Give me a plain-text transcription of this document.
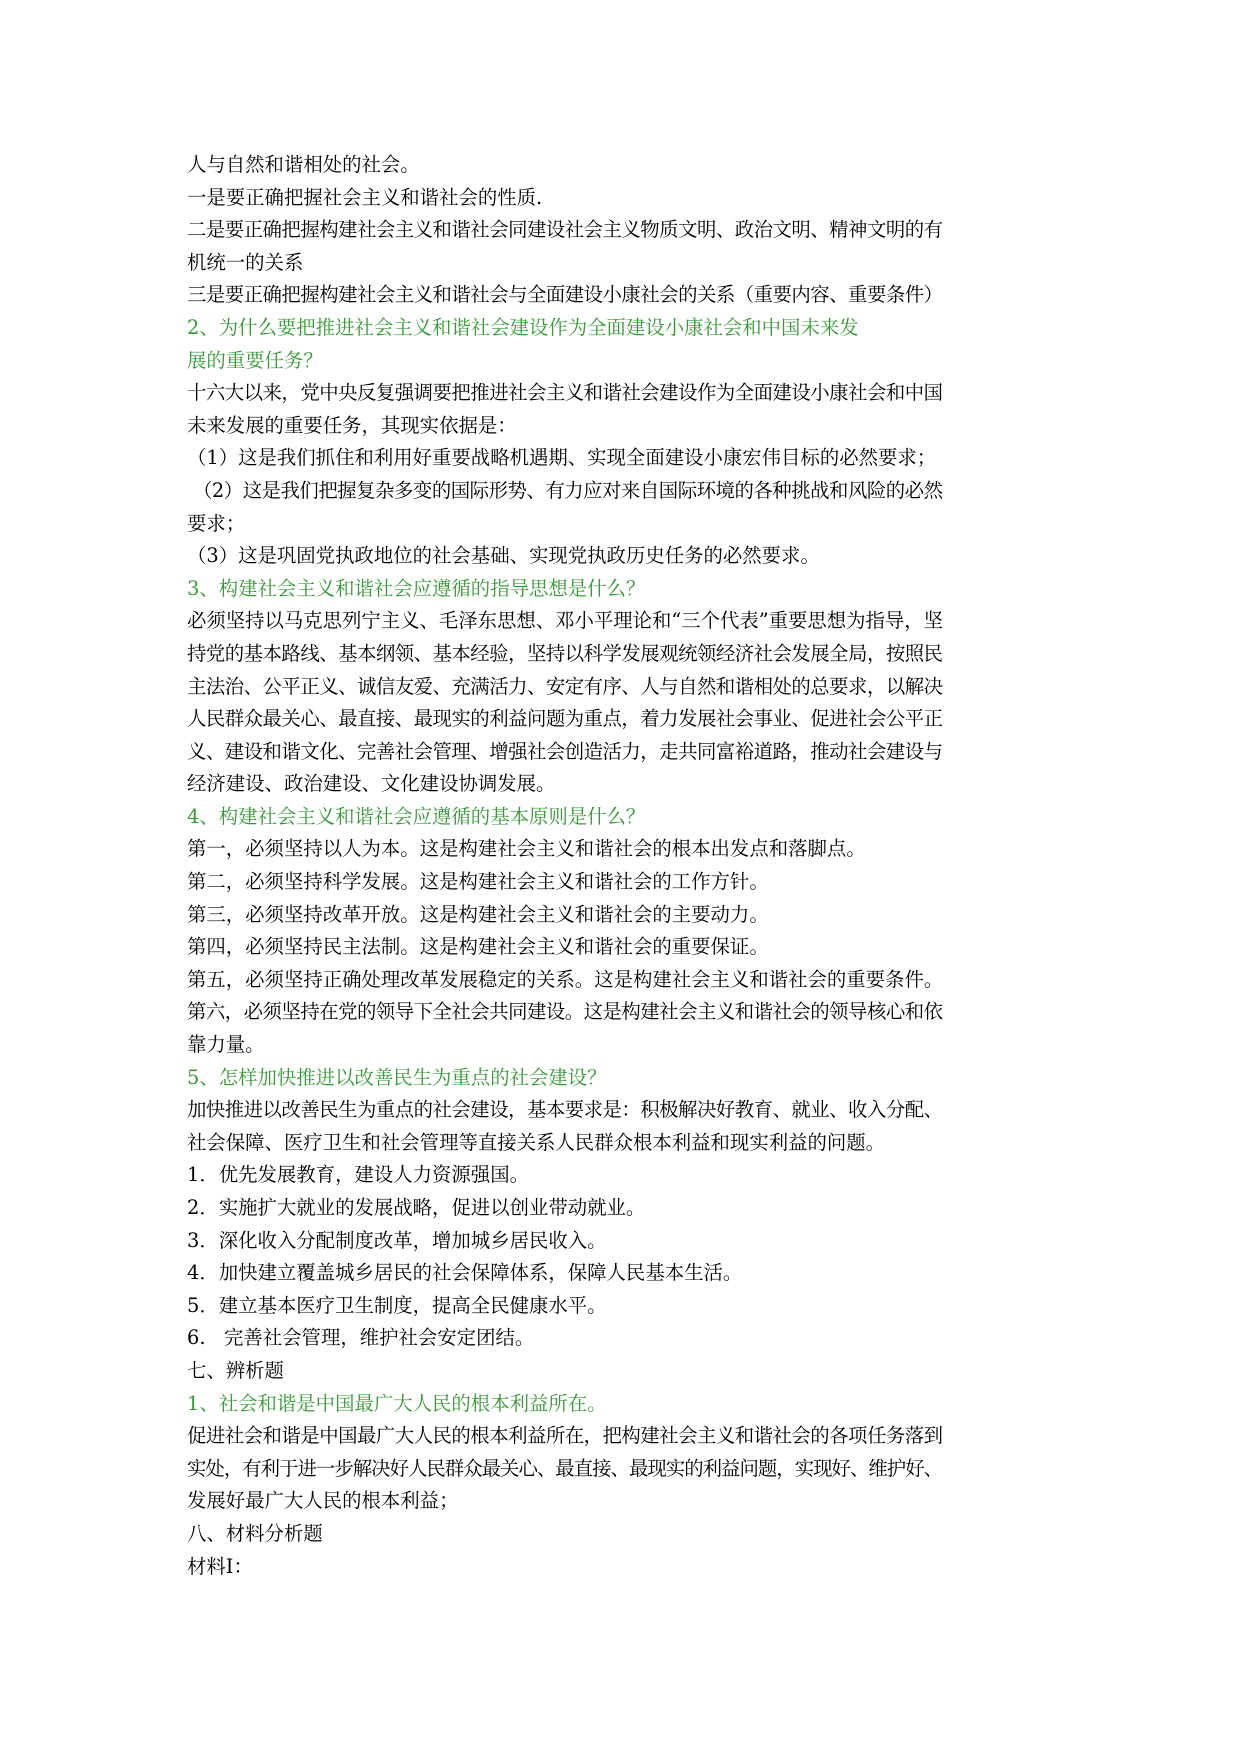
人与自然和谐相处的社会。
一是要正确把握社会主义和谐社会的性质.
二是要正确把握构建社会主义和谐社会同建设社会主义物质文明、政治文明、精神文明的有
机统一的关系
三是要正确把握构建社会主义和谐社会与全面建设小康社会的关系（重要内容、重要条件）
2、为什么要把推进社会主义和谐社会建设作为全面建设小康社会和中国未来发
展的重要任务？
十六大以来，党中央反复强调要把推进社会主义和谐社会建设作为全面建设小康社会和中国
未来发展的重要任务，其现实依据是：
（1）这是我们抓住和利用好重要战略机遇期、实现全面建设小康宏伟目标的必然要求；
（2）这是我们把握复杂多变的国际形势、有力应对来自国际环境的各种挑战和风险的必然
要求；
（3）这是巩固党执政地位的社会基础、实现党执政历史任务的必然要求。
3、构建社会主义和谐社会应遵循的指导思想是什么？
必须坚持以马克思列宁主义、毛泽东思想、邓小平理论和“三个代表”重要思想为指导，坚
持党的基本路线、基本纲领、基本经验，坚持以科学发展观统领经济社会发展全局，按照民
主法治、公平正义、诚信友爱、充满活力、安定有序、人与自然和谐相处的总要求，以解决
人民群众最关心、最直接、最现实的利益问题为重点，着力发展社会事业、促进社会公平正
义、建设和谐文化、完善社会管理、增强社会创造活力，走共同富裕道路，推动社会建设与
经济建设、政治建设、文化建设协调发展。
4、构建社会主义和谐社会应遵循的基本原则是什么？
第一，必须坚持以人为本。这是构建社会主义和谐社会的根本出发点和落脚点。
第二，必须坚持科学发展。这是构建社会主义和谐社会的工作方针。
第三，必须坚持改革开放。这是构建社会主义和谐社会的主要动力。
第四，必须坚持民主法制。这是构建社会主义和谐社会的重要保证。
第五，必须坚持正确处理改革发展稳定的关系。这是构建社会主义和谐社会的重要条件。
第六，必须坚持在党的领导下全社会共同建设。这是构建社会主义和谐社会的领导核心和依
靠力量。
5、怎样加快推进以改善民生为重点的社会建设？
加快推进以改善民生为重点的社会建设，基本要求是：积极解决好教育、就业、收入分配、
社会保障、医疗卫生和社会管理等直接关系人民群众根本利益和现实利益的问题。
1．优先发展教育，建设人力资源强国。
2．实施扩大就业的发展战略，促进以创业带动就业。
3．深化收入分配制度改革，增加城乡居民收入。
4．加快建立覆盖城乡居民的社会保障体系，保障人民基本生活。
5．建立基本医疗卫生制度，提高全民健康水平。
6.   完善社会管理，维护社会安定团结。
七、辨析题
1、社会和谐是中国最广大人民的根本利益所在。
促进社会和谐是中国最广大人民的根本利益所在，把构建社会主义和谐社会的各项任务落到
实处，有利于进一步解决好人民群众最关心、最直接、最现实的利益问题，实现好、维护好、
发展好最广大人民的根本利益；
八、材料分析题
材料Ⅰ：
